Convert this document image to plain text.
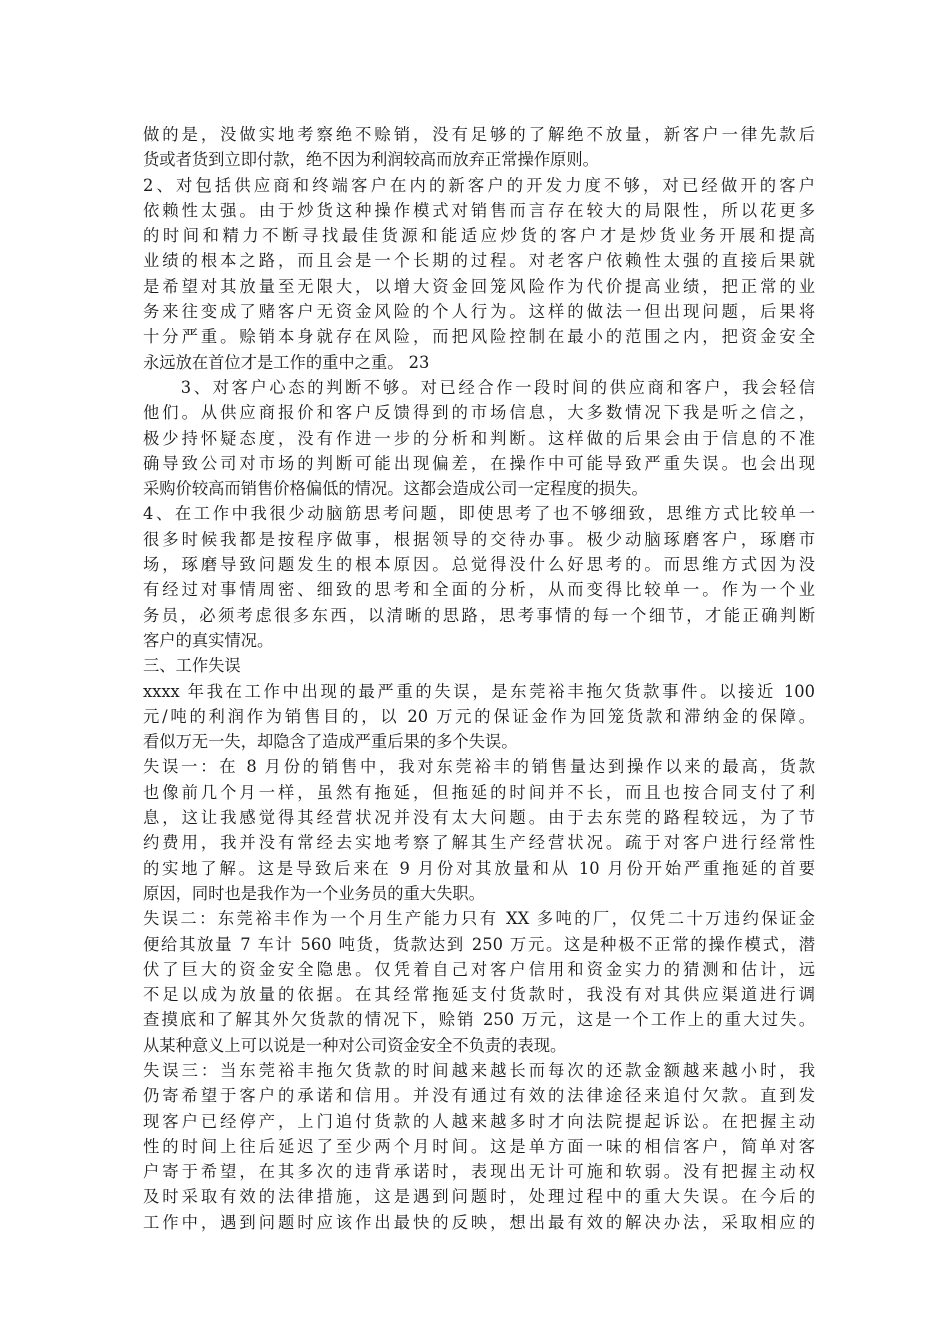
做的是，没做实地考察绝不赊销，没有足够的了解绝不放量，新客户一律先款后
货或者货到立即付款，绝不因为利润较高而放弃正常操作原则。
2、对包括供应商和终端客户在内的新客户的开发力度不够，对已经做开的客户
依赖性太强。由于炒货这种操作模式对销售而言存在较大的局限性，所以花更多
的时间和精力不断寻找最佳货源和能适应炒货的客户才是炒货业务开展和提高
业绩的根本之路，而且会是一个长期的过程。对老客户依赖性太强的直接后果就
是希望对其放量至无限大，以增大资金回笼风险作为代价提高业绩，把正常的业
务来往变成了赌客户无资金风险的个人行为。这样的做法一但出现问题，后果将
十分严重。赊销本身就存在风险，而把风险控制在最小的范围之内，把资金安全
永远放在首位才是工作的重中之重。 23
　　3、对客户心态的判断不够。对已经合作一段时间的供应商和客户，我会轻信
他们。从供应商报价和客户反馈得到的市场信息，大多数情况下我是听之信之，
极少持怀疑态度，没有作进一步的分析和判断。这样做的后果会由于信息的不准
确导致公司对市场的判断可能出现偏差，在操作中可能导致严重失误。也会出现
采购价较高而销售价格偏低的情况。这都会造成公司一定程度的损失。
4、在工作中我很少动脑筋思考问题，即使思考了也不够细致，思维方式比较单一
很多时候我都是按程序做事，根据领导的交待办事。极少动脑琢磨客户，琢磨市
场，琢磨导致问题发生的根本原因。总觉得没什么好思考的。而思维方式因为没
有经过对事情周密、细致的思考和全面的分析，从而变得比较单一。作为一个业
务员，必须考虑很多东西，以清晰的思路，思考事情的每一个细节，才能正确判断
客户的真实情况。
三、工作失误
xxxx 年我在工作中出现的最严重的失误，是东莞裕丰拖欠货款事件。以接近 100
元/吨的利润作为销售目的，以 20 万元的保证金作为回笼货款和滞纳金的保障。
看似万无一失，却隐含了造成严重后果的多个失误。
失误一：在 8 月份的销售中，我对东莞裕丰的销售量达到操作以来的最高，货款
也像前几个月一样，虽然有拖延，但拖延的时间并不长，而且也按合同支付了利
息，这让我感觉得其经营状况并没有太大问题。由于去东莞的路程较远，为了节
约费用，我并没有常经去实地考察了解其生产经营状况。疏于对客户进行经常性
的实地了解。这是导致后来在 9 月份对其放量和从 10 月份开始严重拖延的首要
原因，同时也是我作为一个业务员的重大失职。
失误二：东莞裕丰作为一个月生产能力只有 XX 多吨的厂，仅凭二十万违约保证金
便给其放量 7 车计 560 吨货，货款达到 250 万元。这是种极不正常的操作模式，潜
伏了巨大的资金安全隐患。仅凭着自己对客户信用和资金实力的猜测和估计，远
不足以成为放量的依据。在其经常拖延支付货款时，我没有对其供应渠道进行调
查摸底和了解其外欠货款的情况下，赊销 250 万元，这是一个工作上的重大过失。
从某种意义上可以说是一种对公司资金安全不负责的表现。
失误三：当东莞裕丰拖欠货款的时间越来越长而每次的还款金额越来越小时，我
仍寄希望于客户的承诺和信用。并没有通过有效的法律途径来追付欠款。直到发
现客户已经停产，上门追付货款的人越来越多时才向法院提起诉讼。在把握主动
性的时间上往后延迟了至少两个月时间。这是单方面一味的相信客户，简单对客
户寄于希望，在其多次的违背承诺时，表现出无计可施和软弱。没有把握主动权
及时采取有效的法律措施，这是遇到问题时，处理过程中的重大失误。在今后的
工作中，遇到问题时应该作出最快的反映，想出最有效的解决办法，采取相应的
